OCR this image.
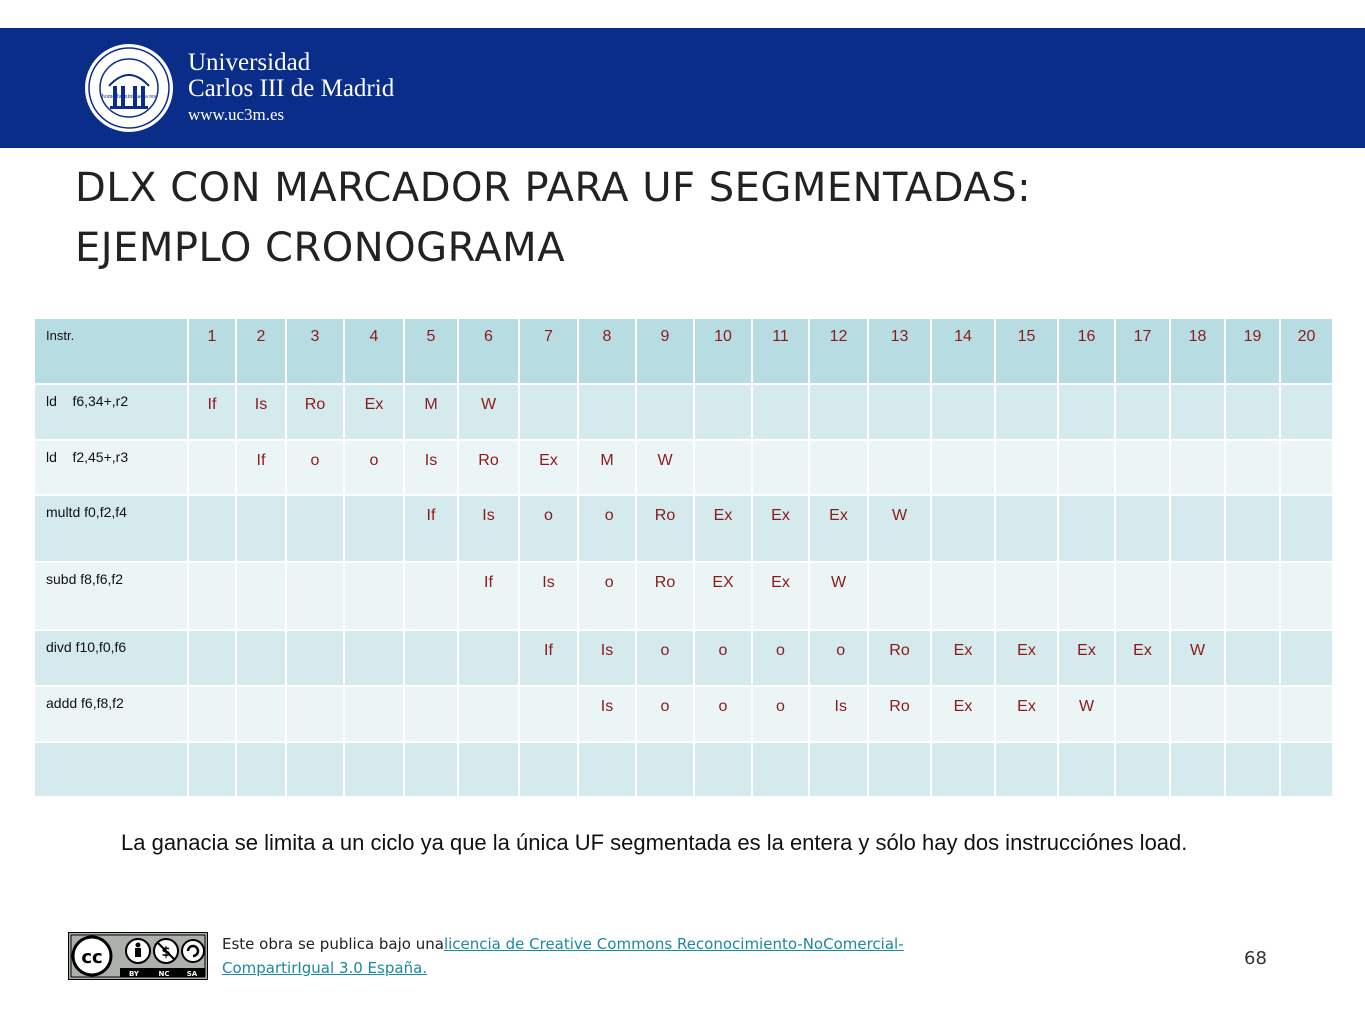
homo homini sacra res
Universidad
Carlos III de Madrid
www.uc3m.es
DLX CON MARCADOR PARA UF SEGMENTADAS:
EJEMPLO CRONOGRAMA
Instr.	1	2	3	4	5	6	7	8	9	10	11	12	13	14	15	16	17	18	19	20
ld    f6,34+,r2	If	Is	Ro	Ex	M	W														
ld    f2,45+,r3		If	o	o	Is	Ro	Ex	M	W											
multd f0,f2,f4					If	Is	o	o	Ro	Ex	Ex	Ex	W							
subd f8,f6,f2						If	Is	o	Ro	EX	Ex	W								
divd f10,f0,f6							If	Is	o	o	o	o	Ro	Ex	Ex	Ex	Ex	W		
addd f6,f8,f2								Is	o	o	o	Is	Ro	Ex	Ex	W				

La ganacia se limita a un ciclo ya que la única UF segmentada es la entera y sólo hay dos instrucciónes load.
cc	$
BY	NC SA
Este obra se publica bajo unalicencia de Creative Commons Reconocimiento-NoComercial-CompartirIgual 3.0 España.	68
